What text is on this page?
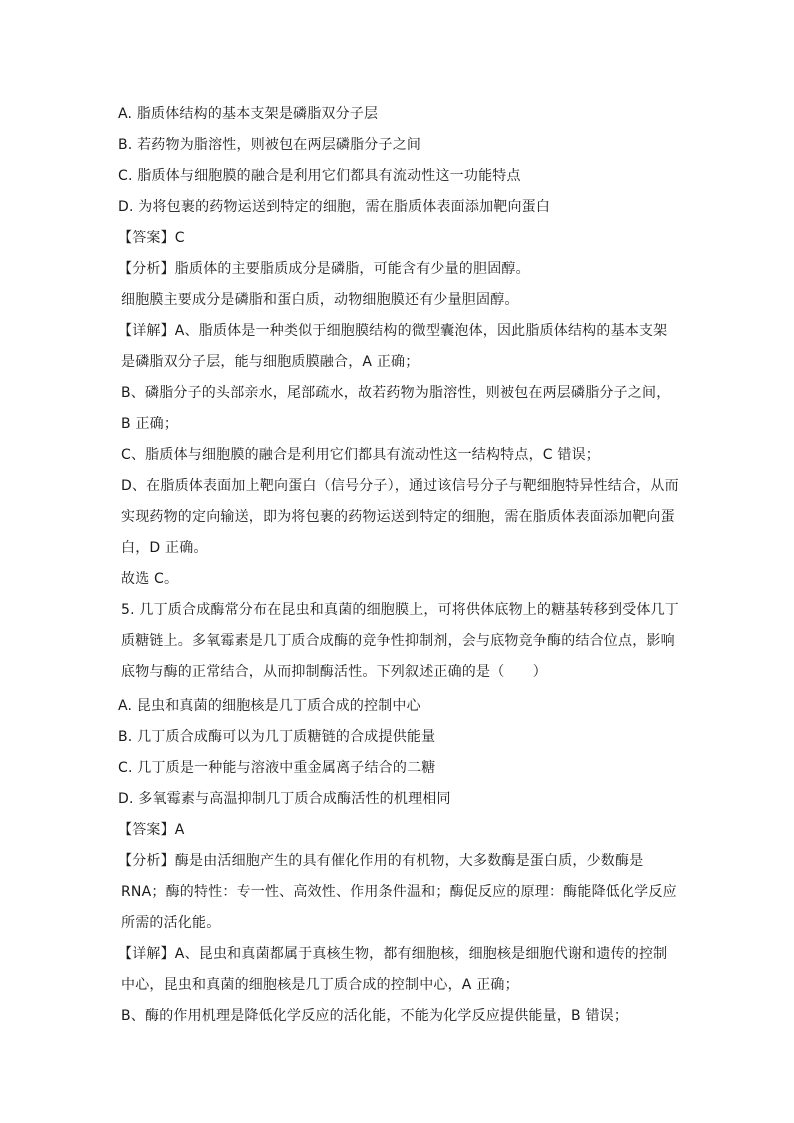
A. 脂质体结构的基本支架是磷脂双分子层
B. 若药物为脂溶性，则被包在两层磷脂分子之间
C. 脂质体与细胞膜的融合是利用它们都具有流动性这一功能特点
D. 为将包裹的药物运送到特定的细胞，需在脂质体表面添加靶向蛋白
【答案】C
【分析】脂质体的主要脂质成分是磷脂，可能含有少量的胆固醇。
细胞膜主要成分是磷脂和蛋白质，动物细胞膜还有少量胆固醇。
【详解】A、脂质体是一种类似于细胞膜结构的微型囊泡体，因此脂质体结构的基本支架
是磷脂双分子层，能与细胞质膜融合，A 正确；
B、磷脂分子的头部亲水，尾部疏水，故若药物为脂溶性，则被包在两层磷脂分子之间，
B 正确；
C、脂质体与细胞膜的融合是利用它们都具有流动性这一结构特点，C 错误；
D、在脂质体表面加上靶向蛋白（信号分子），通过该信号分子与靶细胞特异性结合，从而
实现药物的定向输送，即为将包裹的药物运送到特定的细胞，需在脂质体表面添加靶向蛋
白，D 正确。
故选 C。
5. 几丁质合成酶常分布在昆虫和真菌的细胞膜上，可将供体底物上的糖基转移到受体几丁
质糖链上。多氧霉素是几丁质合成酶的竞争性抑制剂，会与底物竞争酶的结合位点，影响
底物与酶的正常结合，从而抑制酶活性。下列叙述正确的是（　　）
A. 昆虫和真菌的细胞核是几丁质合成的控制中心
B. 几丁质合成酶可以为几丁质糖链的合成提供能量
C. 几丁质是一种能与溶液中重金属离子结合的二糖
D. 多氧霉素与高温抑制几丁质合成酶活性的机理相同
【答案】A
【分析】酶是由活细胞产生的具有催化作用的有机物，大多数酶是蛋白质，少数酶是
RNA；酶的特性：专一性、高效性、作用条件温和；酶促反应的原理：酶能降低化学反应
所需的活化能。
【详解】A、昆虫和真菌都属于真核生物，都有细胞核，细胞核是细胞代谢和遗传的控制
中心，昆虫和真菌的细胞核是几丁质合成的控制中心，A 正确；
B、酶的作用机理是降低化学反应的活化能，不能为化学反应提供能量，B 错误；
